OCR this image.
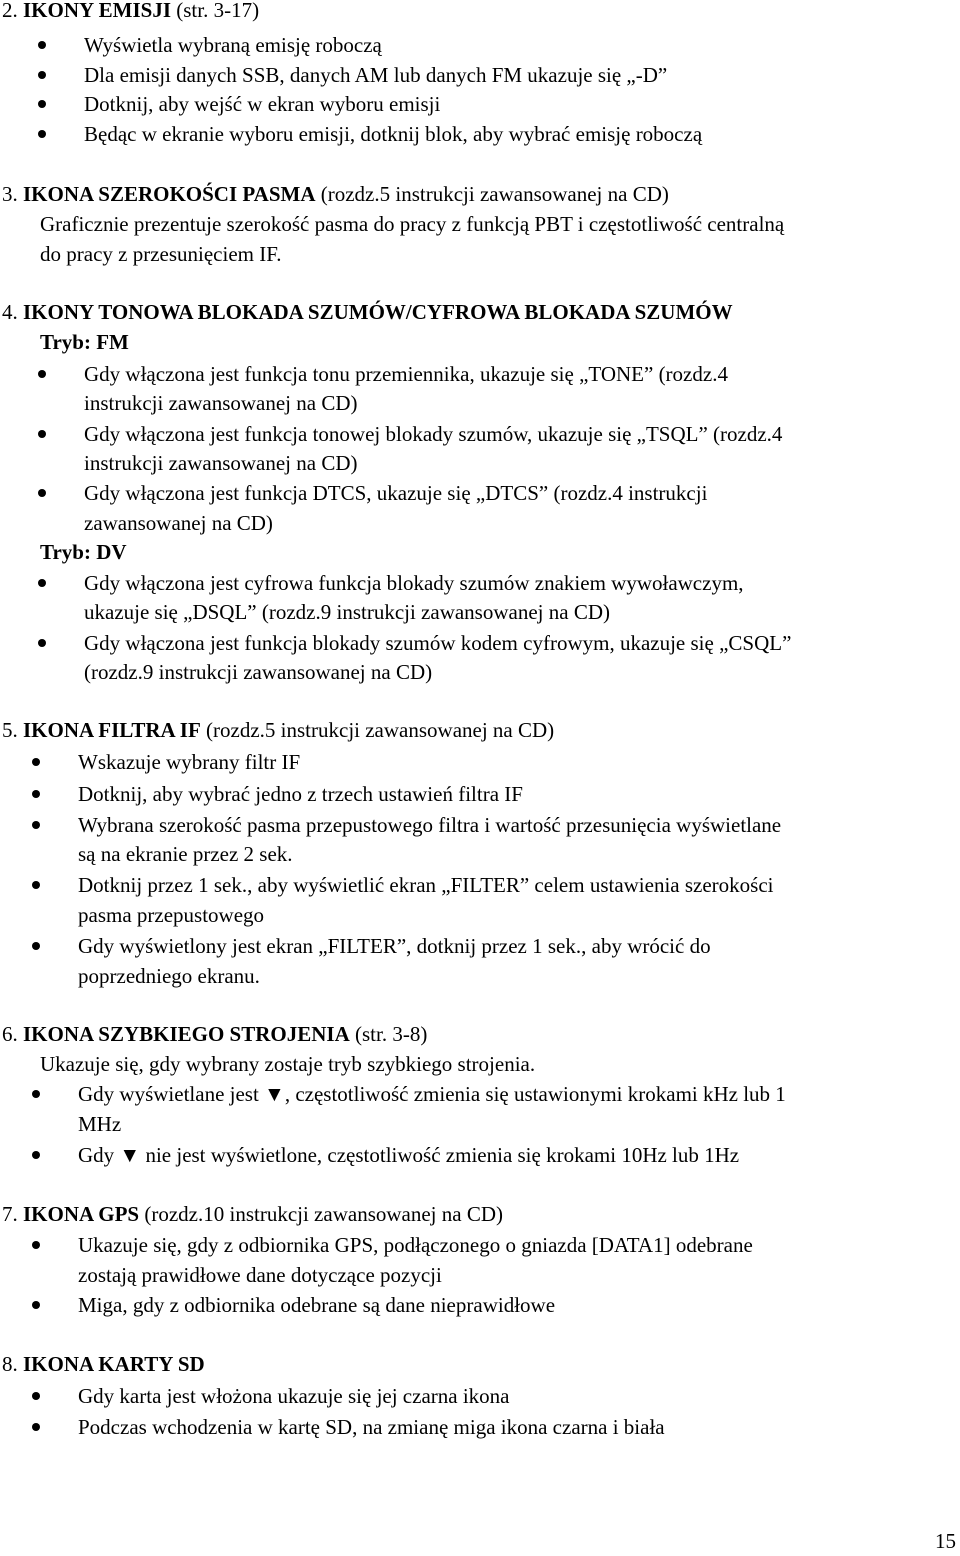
2. IKONY EMISJI (str. 3-17)
Wyświetla wybraną emisję roboczą
Dla emisji danych SSB, danych AM lub danych FM ukazuje się „-D”
Dotknij, aby wejść w ekran wyboru emisji
Będąc w ekranie wyboru emisji, dotknij blok, aby wybrać emisję roboczą
3. IKONA SZEROKOŚCI PASMA (rozdz.5 instrukcji zawansowanej na CD)
Graficznie prezentuje szerokość pasma do pracy z funkcją PBT i częstotliwość centralną
do pracy z przesunięciem IF.
4. IKONY TONOWA BLOKADA SZUMÓW/CYFROWA BLOKADA SZUMÓW
Tryb: FM
Gdy włączona jest funkcja tonu przemiennika, ukazuje się „TONE” (rozdz.4
instrukcji zawansowanej na CD)
Gdy włączona jest funkcja tonowej blokady szumów, ukazuje się „TSQL” (rozdz.4
instrukcji zawansowanej na CD)
Gdy włączona jest funkcja DTCS, ukazuje się „DTCS” (rozdz.4 instrukcji
zawansowanej na CD)
Tryb: DV
Gdy włączona jest cyfrowa funkcja blokady szumów znakiem wywoławczym,
ukazuje się „DSQL” (rozdz.9 instrukcji zawansowanej na CD)
Gdy włączona jest funkcja blokady szumów kodem cyfrowym, ukazuje się „CSQL”
(rozdz.9 instrukcji zawansowanej na CD)
5. IKONA FILTRA IF (rozdz.5 instrukcji zawansowanej na CD)
Wskazuje wybrany filtr IF
Dotknij, aby wybrać jedno z trzech ustawień filtra IF
Wybrana szerokość pasma przepustowego filtra i wartość przesunięcia wyświetlane
są na ekranie przez 2 sek.
Dotknij przez 1 sek., aby wyświetlić ekran „FILTER” celem ustawienia szerokości
pasma przepustowego
Gdy wyświetlony jest ekran „FILTER”, dotknij przez 1 sek., aby wrócić do
poprzedniego ekranu.
6. IKONA SZYBKIEGO STROJENIA (str. 3-8)
Ukazuje się, gdy wybrany zostaje tryb szybkiego strojenia.
Gdy wyświetlane jest ▼, częstotliwość zmienia się ustawionymi krokami kHz lub 1
MHz
Gdy ▼ nie jest wyświetlone, częstotliwość zmienia się krokami 10Hz lub 1Hz
7. IKONA GPS (rozdz.10 instrukcji zawansowanej na CD)
Ukazuje się, gdy z odbiornika GPS, podłączonego o gniazda [DATA1] odebrane
zostają prawidłowe dane dotyczące pozycji
Miga, gdy z odbiornika odebrane są dane nieprawidłowe
8. IKONA KARTY SD
Gdy karta jest włożona ukazuje się jej czarna ikona
Podczas wchodzenia w kartę SD, na zmianę miga ikona czarna i biała
15
